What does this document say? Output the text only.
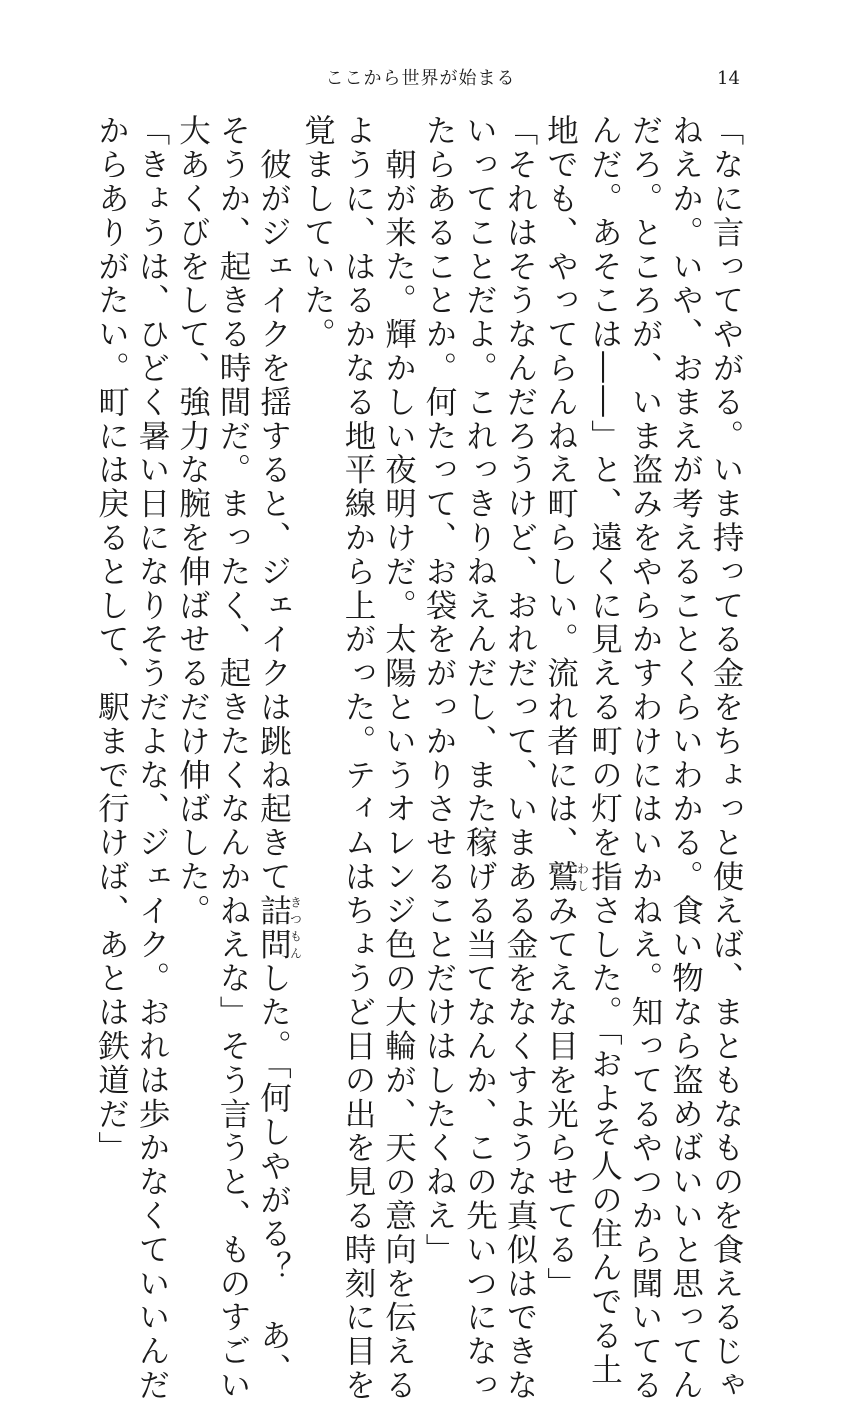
ここから世界が始まる	14
「なに言ってやがる。いま持ってる金をちょっと使えば、まともなものを食えるじゃ
ねえか。いや、おまえが考えることくらいわかる。食い物なら盗めばいいと思ってん
だろ。ところが、いま盗みをやらかすわけにはいかねえ。知ってるやつから聞いてる
んだ。あそこは――」と、遠くに見える町の灯を指さした。「およそ人の住んでる土
地でも、やってらんねえ町らしい。流れ者には、鷲わしみてえな目を光らせてる」
「それはそうなんだろうけど、おれだって、いまある金をなくすような真似はできな
いってことだよ。これっきりねえんだし、また稼げる当てなんか、この先いつになっ
たらあることか。何たって、お袋をがっかりさせることだけはしたくねえ」
　朝が来た。輝かしい夜明けだ。太陽というオレンジ色の大輪が、天の意向を伝える
ように、はるかなる地平線から上がった。ティムはちょうど日の出を見る時刻に目を
覚ましていた。
　彼がジェイクを揺すると、ジェイクは跳ね起きて詰問きつもんした。「何しやがる？　あ、
そうか、起きる時間だ。まったく、起きたくなんかねえな」そう言うと、ものすごい
大あくびをして、強力な腕を伸ばせるだけ伸ばした。
「きょうは、ひどく暑い日になりそうだよな、ジェイク。おれは歩かなくていいんだ
からありがたい。町には戻るとして、駅まで行けば、あとは鉄道だ」
